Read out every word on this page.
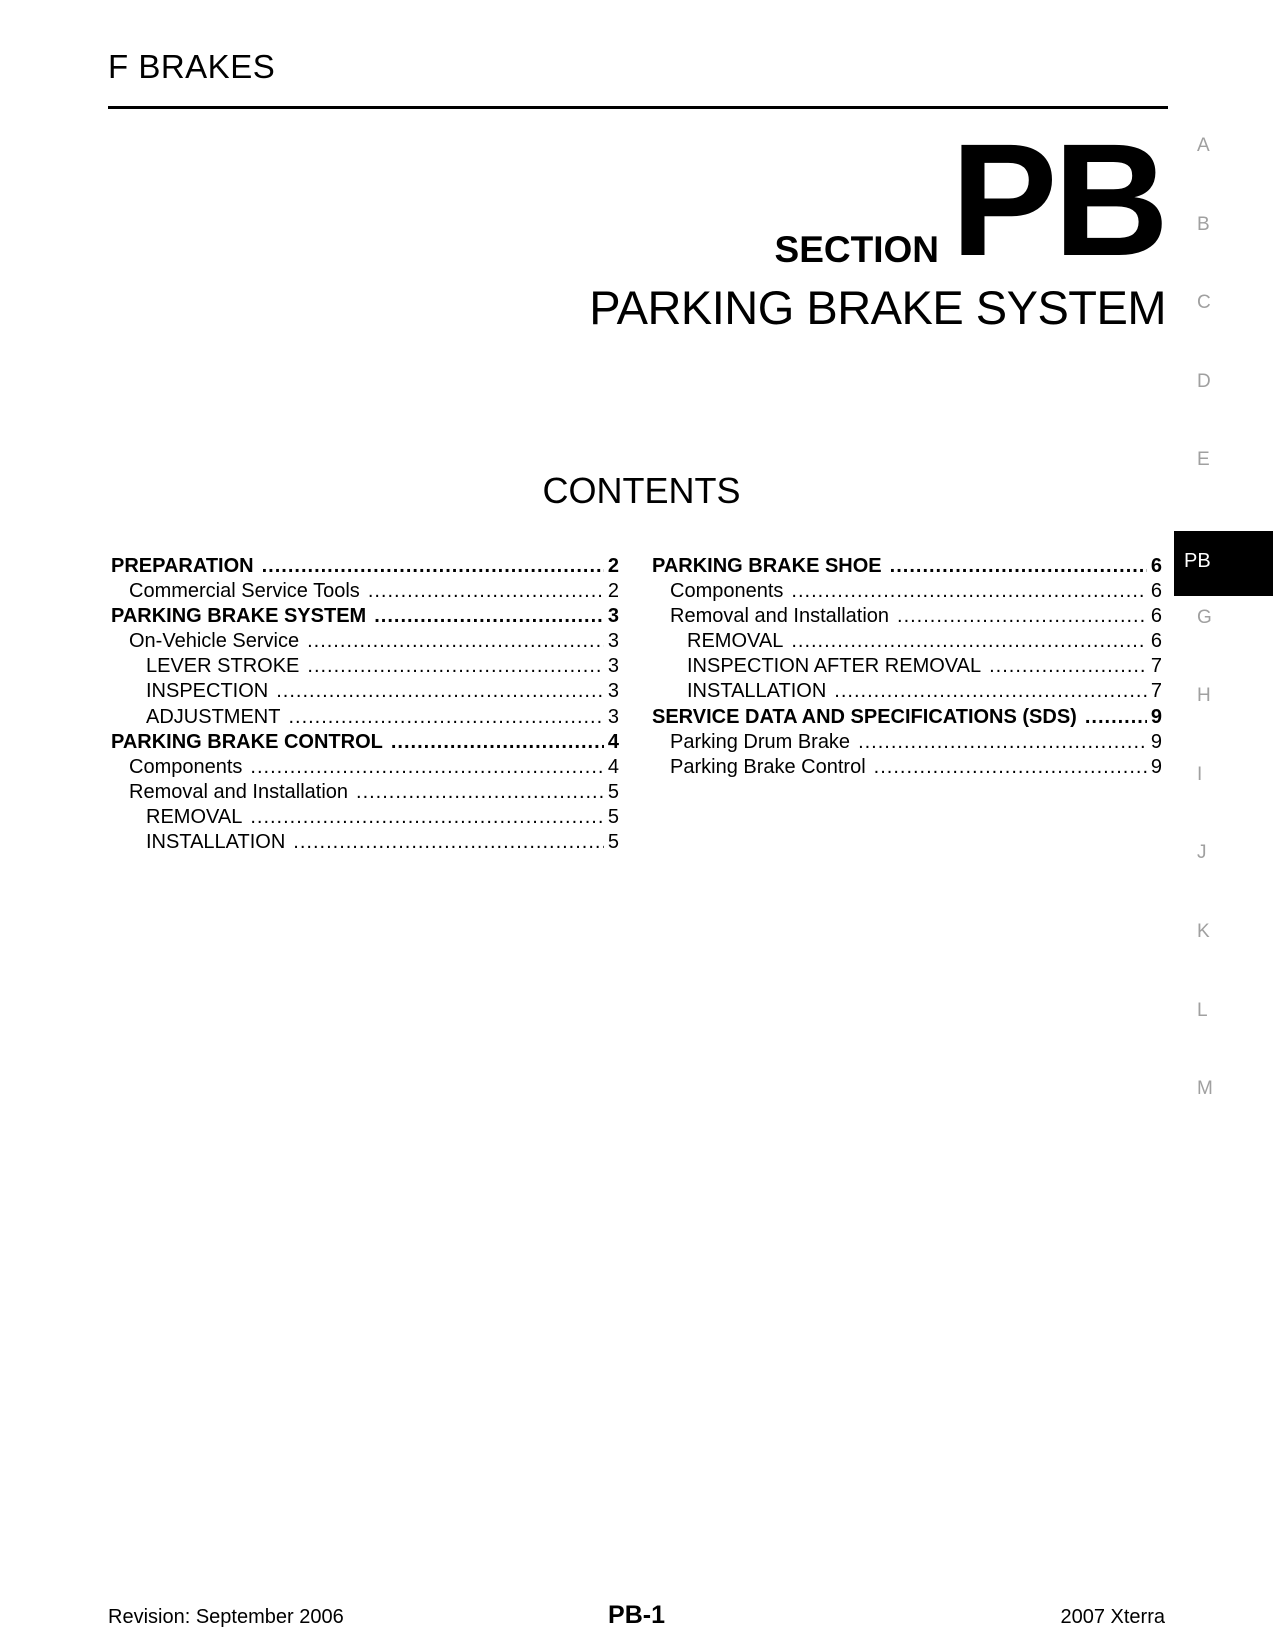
F BRAKES
SECTION PB
PARKING BRAKE SYSTEM
CONTENTS
PREPARATION .....	2
Commercial Service Tools .....	2
PARKING BRAKE SYSTEM .....	3
On-Vehicle Service .....	3
LEVER STROKE .....	3
INSPECTION .....	3
ADJUSTMENT .....	3
PARKING BRAKE CONTROL .....	4
Components .....	4
Removal and Installation .....	5
REMOVAL .....	5
INSTALLATION .....	5
PARKING BRAKE SHOE .....	6
Components .....	6
Removal and Installation .....	6
REMOVAL .....	6
INSPECTION AFTER REMOVAL .....	7
INSTALLATION .....	7
SERVICE DATA AND SPECIFICATIONS (SDS) .....	9
Parking Drum Brake .....	9
Parking Brake Control .....	9
Revision: September 2006	PB-1	2007 Xterra
A
B
C
D
E
PB
G
H
I
J
K
L
M
